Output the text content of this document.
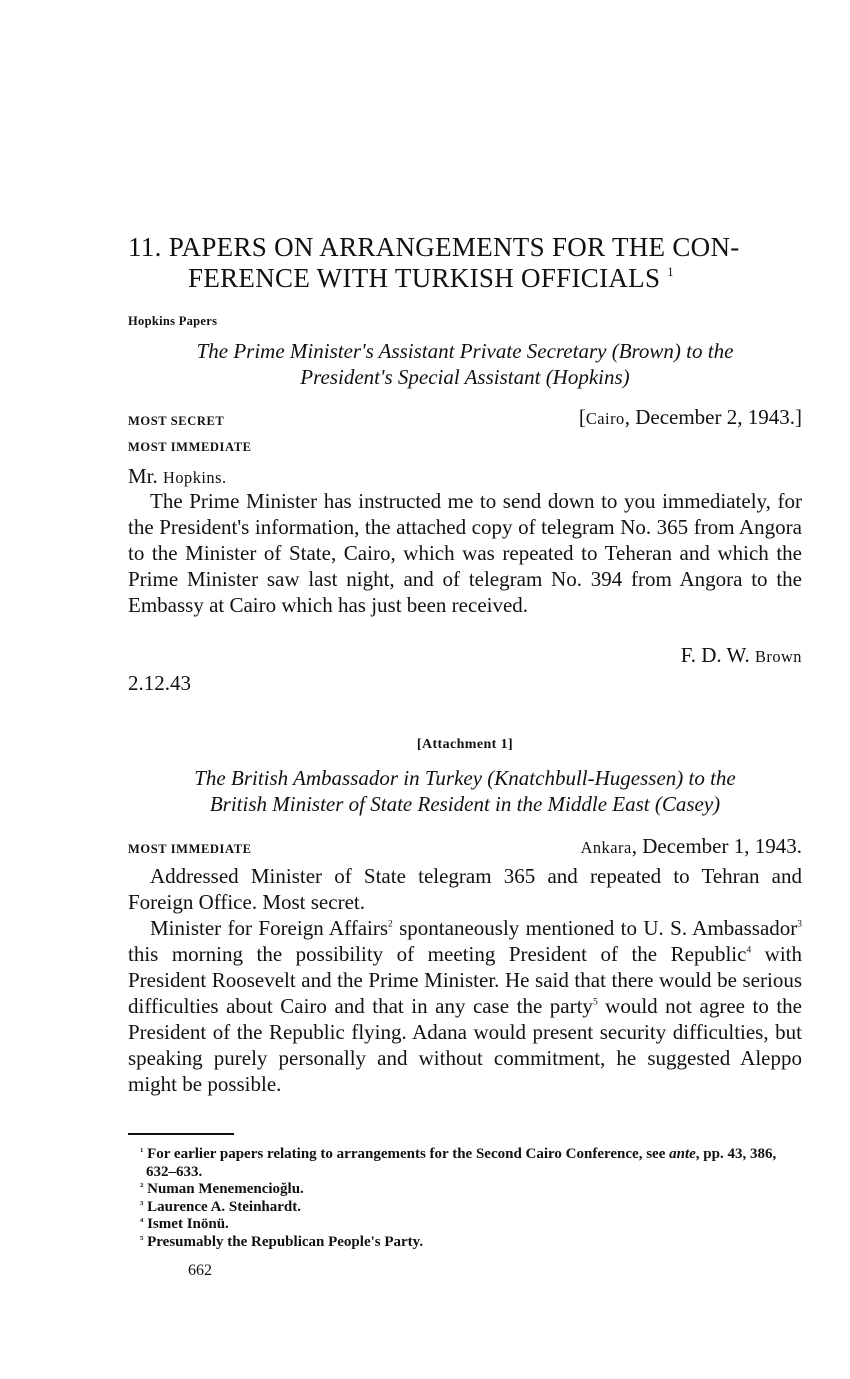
11. PAPERS ON ARRANGEMENTS FOR THE CON-
FERENCE WITH TURKISH OFFICIALS $^1$
Hopkins Papers
The Prime Minister's Assistant Private Secretary (Brown) to the
President's Special Assistant (Hopkins)
MOST SECRET	[Cairo, December 2, 1943.]
MOST IMMEDIATE
Mr. Hopkins.

The Prime Minister has instructed me to send down to you immediately, for the President's information, the attached copy of telegram No. 365 from Angora to the Minister of State, Cairo, which was repeated to Teheran and which the Prime Minister saw last night, and of telegram No. 394 from Angora to the Embassy at Cairo which has just been received.

F. D. W. Brown
2.12.43
[Attachment 1]
The British Ambassador in Turkey (Knatchbull-Hugessen) to the
British Minister of State Resident in the Middle East (Casey)
MOST IMMEDIATE	Ankara, December 1, 1943.

Addressed Minister of State telegram 365 and repeated to Tehran and Foreign Office. Most secret.

Minister for Foreign Affairs$^2$ spontaneously mentioned to U. S. Ambassador$^3$ this morning the possibility of meeting President of the Republic$^4$ with President Roosevelt and the Prime Minister. He said that there would be serious difficulties about Cairo and that in any case the party$^5$ would not agree to the President of the Republic flying. Adana would present security difficulties, but speaking purely personally and without commitment, he suggested Aleppo might be possible.

$^1$ For earlier papers relating to arrangements for the Second Cairo Conference, see ante, pp. 43, 386, 632–633.
$^2$ Numan Menemencioğlu.
$^3$ Laurence A. Steinhardt.
$^4$ Ismet Inönü.
$^5$ Presumably the Republican People's Party.
662
